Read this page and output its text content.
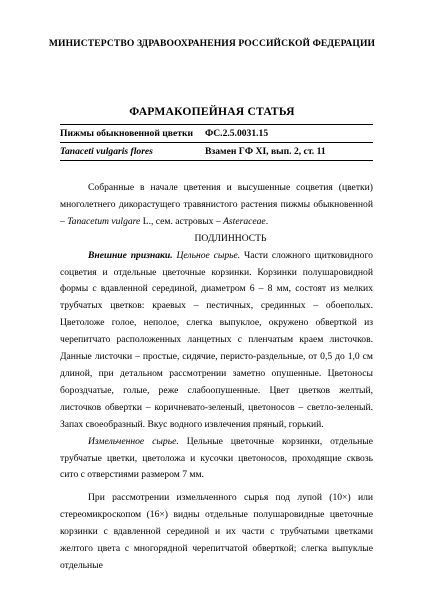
МИНИСТЕРСТВО ЗДРАВООХРАНЕНИЯ РОССИЙСКОЙ ФЕДЕРАЦИИ
ФАРМАКОПЕЙНАЯ СТАТЬЯ
Пижмы обыкновенной цветки	ФС.2.5.0031.15
Tanaceti vulgaris flores	Взамен ГФ XI, вып. 2, ст. 11

Собранные в начале цветения и высушенные соцветия (цветки) многолетнего дикорастущего травянистого растения пижмы обыкновенной – Tanacetum vulgare L., сем. астровых – Asteraceae.

ПОДЛИННОСТЬ

Внешние признаки. Цельное сырье. Части сложного щитковидного соцветия и отдельные цветочные корзинки. Корзинки полушаровидной формы с вдавленной серединой, диаметром 6 – 8 мм, состоят из мелких трубчатых цветков: краевых – пестичных, срединных – обоеполых. Цветоложе голое, неполое, слегка выпуклое, окружено обверткой из черепитчато расположенных ланцетных с пленчатым краем листочков. Данные листочки – простые, сидячие, перисто-раздельные, от 0,5 до 1,0 см длиной, при детальном рассмотрении заметно опушенные. Цветоносы бороздчатые, голые, реже слабоопушенные. Цвет цветков желтый, листочков обвертки – коричневато-зеленый, цветоносов – светло-зеленый. Запах своеобразный. Вкус водного извлечения пряный, горький.

Измельченное сырье. Цельные цветочные корзинки, отдельные трубчатые цветки, цветоложа и кусочки цветоносов, проходящие сквозь сито с отверстиями размером 7 мм.

При рассмотрении измельченного сырья под лупой (10×) или стереомикроскопом (16×) видны отдельные полушаровидные цветочные корзинки с вдавленной серединой и их части с трубчатыми цветками желтого цвета с многорядной черепитчатой обверткой; слегка выпуклые отдельные
